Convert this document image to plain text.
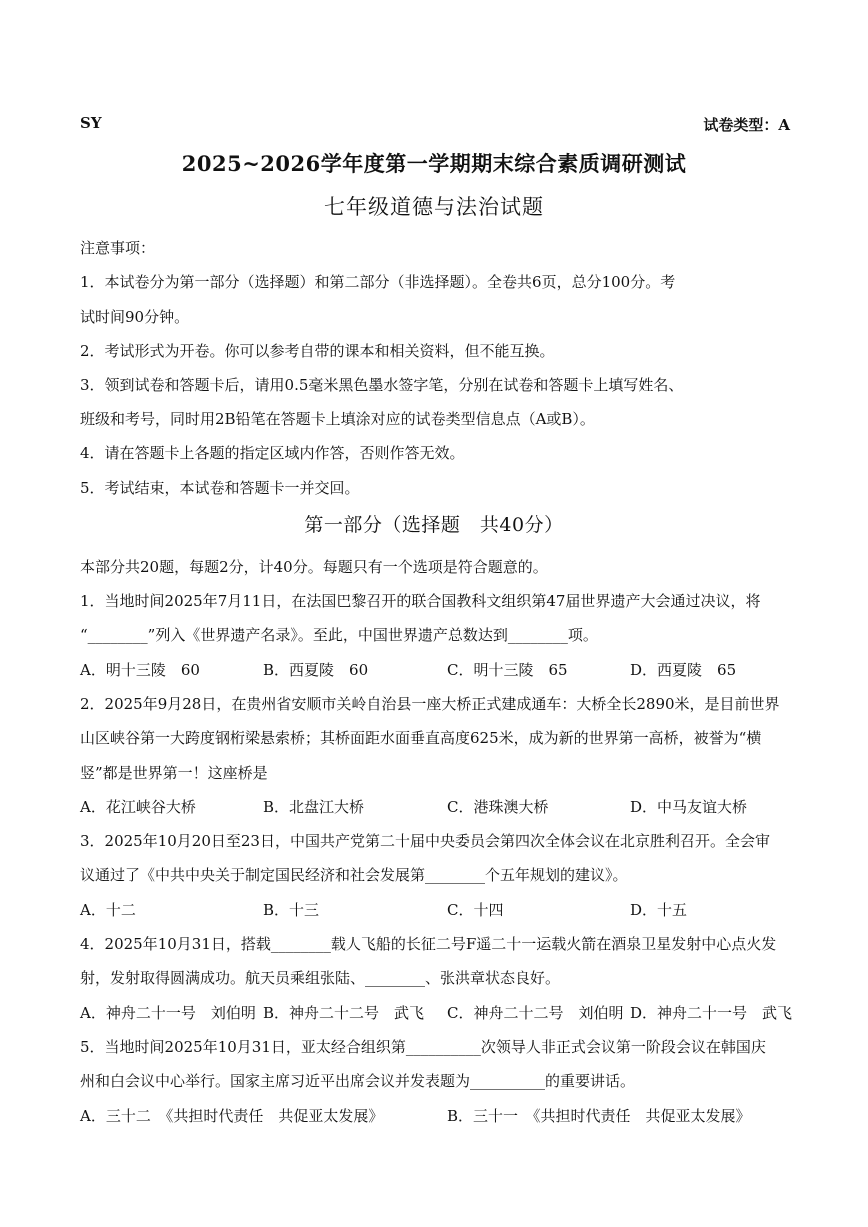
SY	试卷类型：A
2025~2026学年度第一学期期末综合素质调研测试
七年级道德与法治试题
注意事项：
1．本试卷分为第一部分（选择题）和第二部分（非选择题）。全卷共6页，总分100分。考
试时间90分钟。
2．考试形式为开卷。你可以参考自带的课本和相关资料，但不能互换。
3．领到试卷和答题卡后，请用0.5毫米黑色墨水签字笔，分别在试卷和答题卡上填写姓名、
班级和考号，同时用2B铅笔在答题卡上填涂对应的试卷类型信息点（A或B）。
4．请在答题卡上各题的指定区域内作答，否则作答无效。
5．考试结束，本试卷和答题卡一并交回。
第一部分（选择题　共40分）
本部分共20题，每题2分，计40分。每题只有一个选项是符合题意的。
1．当地时间2025年7月11日，在法国巴黎召开的联合国教科文组织第47届世界遗产大会通过决议，将
“________”列入《世界遗产名录》。至此，中国世界遗产总数达到________项。
A．明十三陵　60	B．西夏陵　60	C．明十三陵　65	D．西夏陵　65
2．2025年9月28日，在贵州省安顺市关岭自治县一座大桥正式建成通车：大桥全长2890米，是目前世界
山区峡谷第一大跨度钢桁梁悬索桥；其桥面距水面垂直高度625米，成为新的世界第一高桥，被誉为“横
竖”都是世界第一！这座桥是
A．花江峡谷大桥	B．北盘江大桥	C．港珠澳大桥	D．中马友谊大桥
3．2025年10月20日至23日，中国共产党第二十届中央委员会第四次全体会议在北京胜利召开。全会审
议通过了《中共中央关于制定国民经济和社会发展第________个五年规划的建议》。
A．十二	B．十三	C．十四	D．十五
4．2025年10月31日，搭载________载人飞船的长征二号F遥二十一运载火箭在酒泉卫星发射中心点火发
射，发射取得圆满成功。航天员乘组张陆、________、张洪章状态良好。
A．神舟二十一号　刘伯明 B．神舟二十二号　武飞 C．神舟二十二号　刘伯明 D．神舟二十一号　武飞
5．当地时间2025年10月31日，亚太经合组织第__________次领导人非正式会议第一阶段会议在韩国庆
州和白会议中心举行。国家主席习近平出席会议并发表题为__________的重要讲话。
A．三十二　《共担时代责任　共促亚太发展》	B．三十一　《共担时代责任　共促亚太发展》
